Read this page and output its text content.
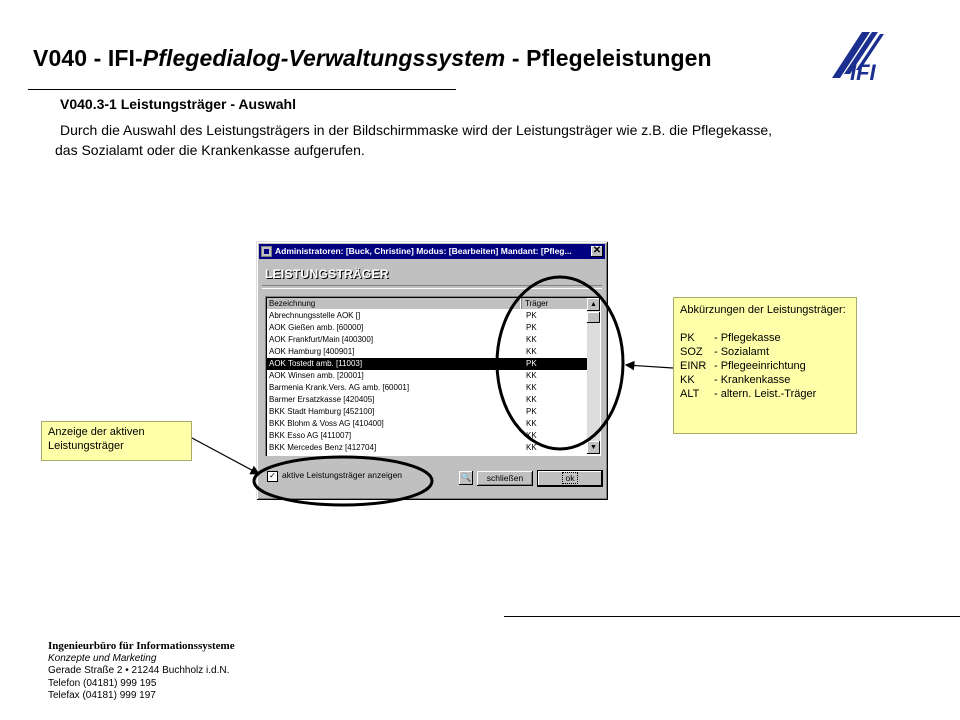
V040 - IFI-Pflegedialog-Verwaltungssystem - Pflegeleistungen
IFI
V040.3-1 Leistungsträger - Auswahl
Durch die Auswahl des Leistungsträgers in der Bildschirmmaske wird der Leistungsträger wie z.B. die Pflegekasse,
das Sozialamt oder die Krankenkasse aufgerufen.
Administratoren: [Buck, Christine] Modus: [Bearbeiten] Mandant: [Pfleg...	✕
LEISTUNGSTRÄGER
Bezeichnung	Träger
Abrechnungsstelle AOK []	PK
AOK Gießen amb. [60000]	PK
AOK Frankfurt/Main [400300]	KK
AOK Hamburg [400901]	KK
AOK Tostedt amb. [11003]	PK
AOK Winsen amb. [20001]	KK
Barmenia Krank.Vers. AG amb. [60001]	KK
Barmer Ersatzkasse [420405]	KK
BKK Stadt Hamburg [452100]	PK
BKK Blohm & Voss AG [410400]	KK
BKK Esso AG [411007]	KK
BKK Mercedes Benz [412704]	KK
▲
▼
✓ aktive Leistungsträger anzeigen	🔍	schließen	ok
Anzeige der aktiven Leistungsträger
Abkürzungen der Leistungsträger:
PK - Pflegekasse
SOZ - Sozialamt
EINR - Pflegeeinrichtung
KK - Krankenkasse
ALT - altern. Leist.-Träger
Ingenieurbüro für Informationssysteme
Konzepte und Marketing
Gerade Straße 2 • 21244 Buchholz i.d.N.
Telefon (04181) 999 195
Telefax (04181) 999 197
